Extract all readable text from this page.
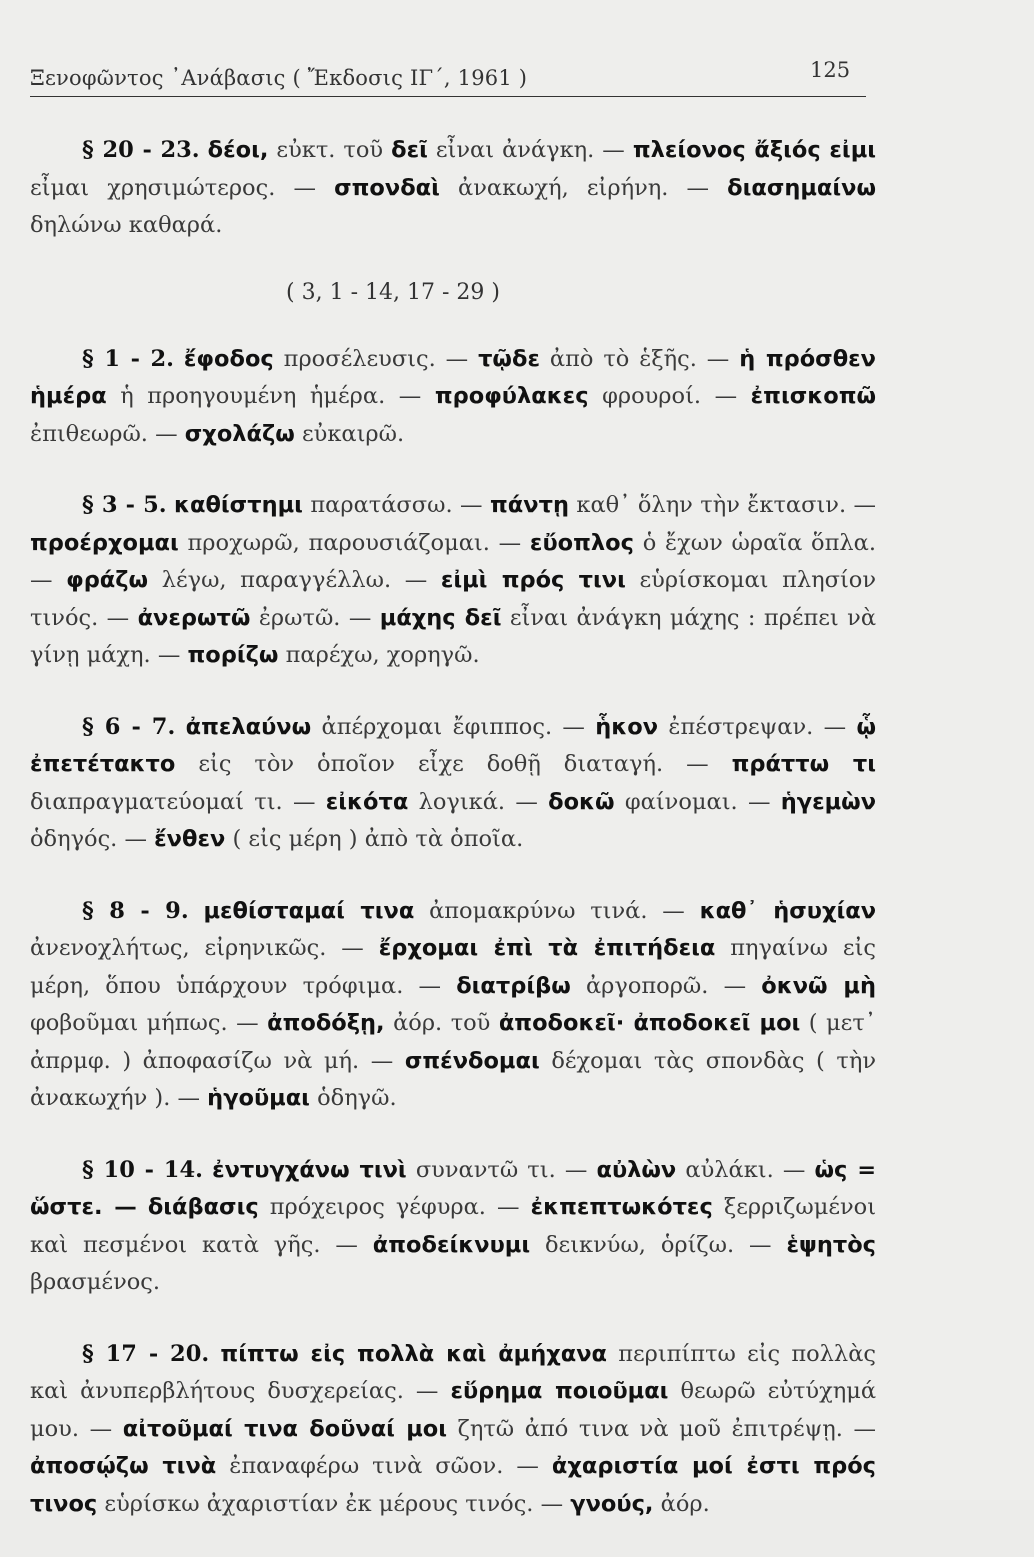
Ξενοφῶντος ᾿Ανάβασις ( Ἔκδοσις ΙΓ΄, 1961 )	125

§ 20 - 23. δέοι, εὐκτ. τοῦ δεῖ εἶναι ἀνάγκη. — πλείονος ἄξιός εἰμι εἶμαι χρησιμώτερος. — σπονδαὶ ἀνακωχή, εἰρήνη. — διασημαίνω δηλώνω καθαρά.

( 3, 1 - 14, 17 - 29 )

§ 1 - 2. ἔφοδος προσέλευσις. — τῷδε ἀπὸ τὸ ἑξῆς. — ἡ πρόσθεν ἡμέρα ἡ προηγουμένη ἡμέρα. — προφύλακες φρουροί. — ἐπισκοπῶ ἐπιθεωρῶ. — σχολάζω εὐκαιρῶ.

§ 3 - 5. καθίστημι παρατάσσω. — πάντῃ καθ᾿ ὅλην τὴν ἔκτασιν. — προέρχομαι προχωρῶ, παρουσιάζομαι. — εὔοπλος ὁ ἔχων ὡραῖα ὅπλα. — φράζω λέγω, παραγγέλλω. — εἰμὶ πρός τινι εὑρίσκομαι πλησίον τινός. — ἀνερωτῶ ἐρωτῶ. — μάχης δεῖ εἶναι ἀνάγκη μάχης : πρέπει νὰ γίνῃ μάχη. — πορίζω παρέχω, χορηγῶ.

§ 6 - 7. ἀπελαύνω ἀπέρχομαι ἔφιππος. — ἧκον ἐπέστρεψαν. — ᾧ ἐπετέτακτο εἰς τὸν ὁποῖον εἶχε δοθῇ διαταγή. — πράττω τι διαπραγματεύομαί τι. — εἰκότα λογικά. — δοκῶ φαίνομαι. — ἡγεμὼν ὁδηγός. — ἔνθεν ( εἰς μέρη ) ἀπὸ τὰ ὁποῖα.

§ 8 - 9. μεθίσταμαί τινα ἀπομακρύνω τινά. — καθ᾿ ἡσυχίαν ἀνενοχλήτως, εἰρηνικῶς. — ἔρχομαι ἐπὶ τὰ ἐπιτήδεια πηγαίνω εἰς μέρη, ὅπου ὑπάρχουν τρόφιμα. — διατρίβω ἀργοπορῶ. — ὀκνῶ μὴ φοβοῦμαι μήπως. — ἀποδόξῃ, ἀόρ. τοῦ ἀποδοκεῖ· ἀποδοκεῖ μοι ( μετ᾿ ἀπρμφ. ) ἀποφασίζω νὰ μή. — σπένδομαι δέχομαι τὰς σπονδὰς ( τὴν ἀνακωχήν ). — ἡγοῦμαι ὁδηγῶ.

§ 10 - 14. ἐντυγχάνω τινὶ συναντῶ τι. — αὐλὼν αὐλάκι. — ὡς = ὥστε. — διάβασις πρόχειρος γέφυρα. — ἐκπεπτωκότες ξερριζωμένοι καὶ πεσμένοι κατὰ γῆς. — ἀποδείκνυμι δεικνύω, ὁρίζω. — ἑψητὸς βρασμένος.

§ 17 - 20. πίπτω εἰς πολλὰ καὶ ἀμήχανα περιπίπτω εἰς πολλὰς καὶ ἀνυπερβλήτους δυσχερείας. — εὕρημα ποιοῦμαι θεωρῶ εὐτύχημά μου. — αἰτοῦμαί τινα δοῦναί μοι ζητῶ ἀπό τινα νὰ μοῦ ἐπιτρέψῃ. — ἀποσῴζω τινὰ ἐπαναφέρω τινὰ σῶον. — ἀχαριστία μοί ἐστι πρός τινος εὑρίσκω ἀχαριστίαν ἐκ μέρους τινός. — γνούς, ἀόρ.
